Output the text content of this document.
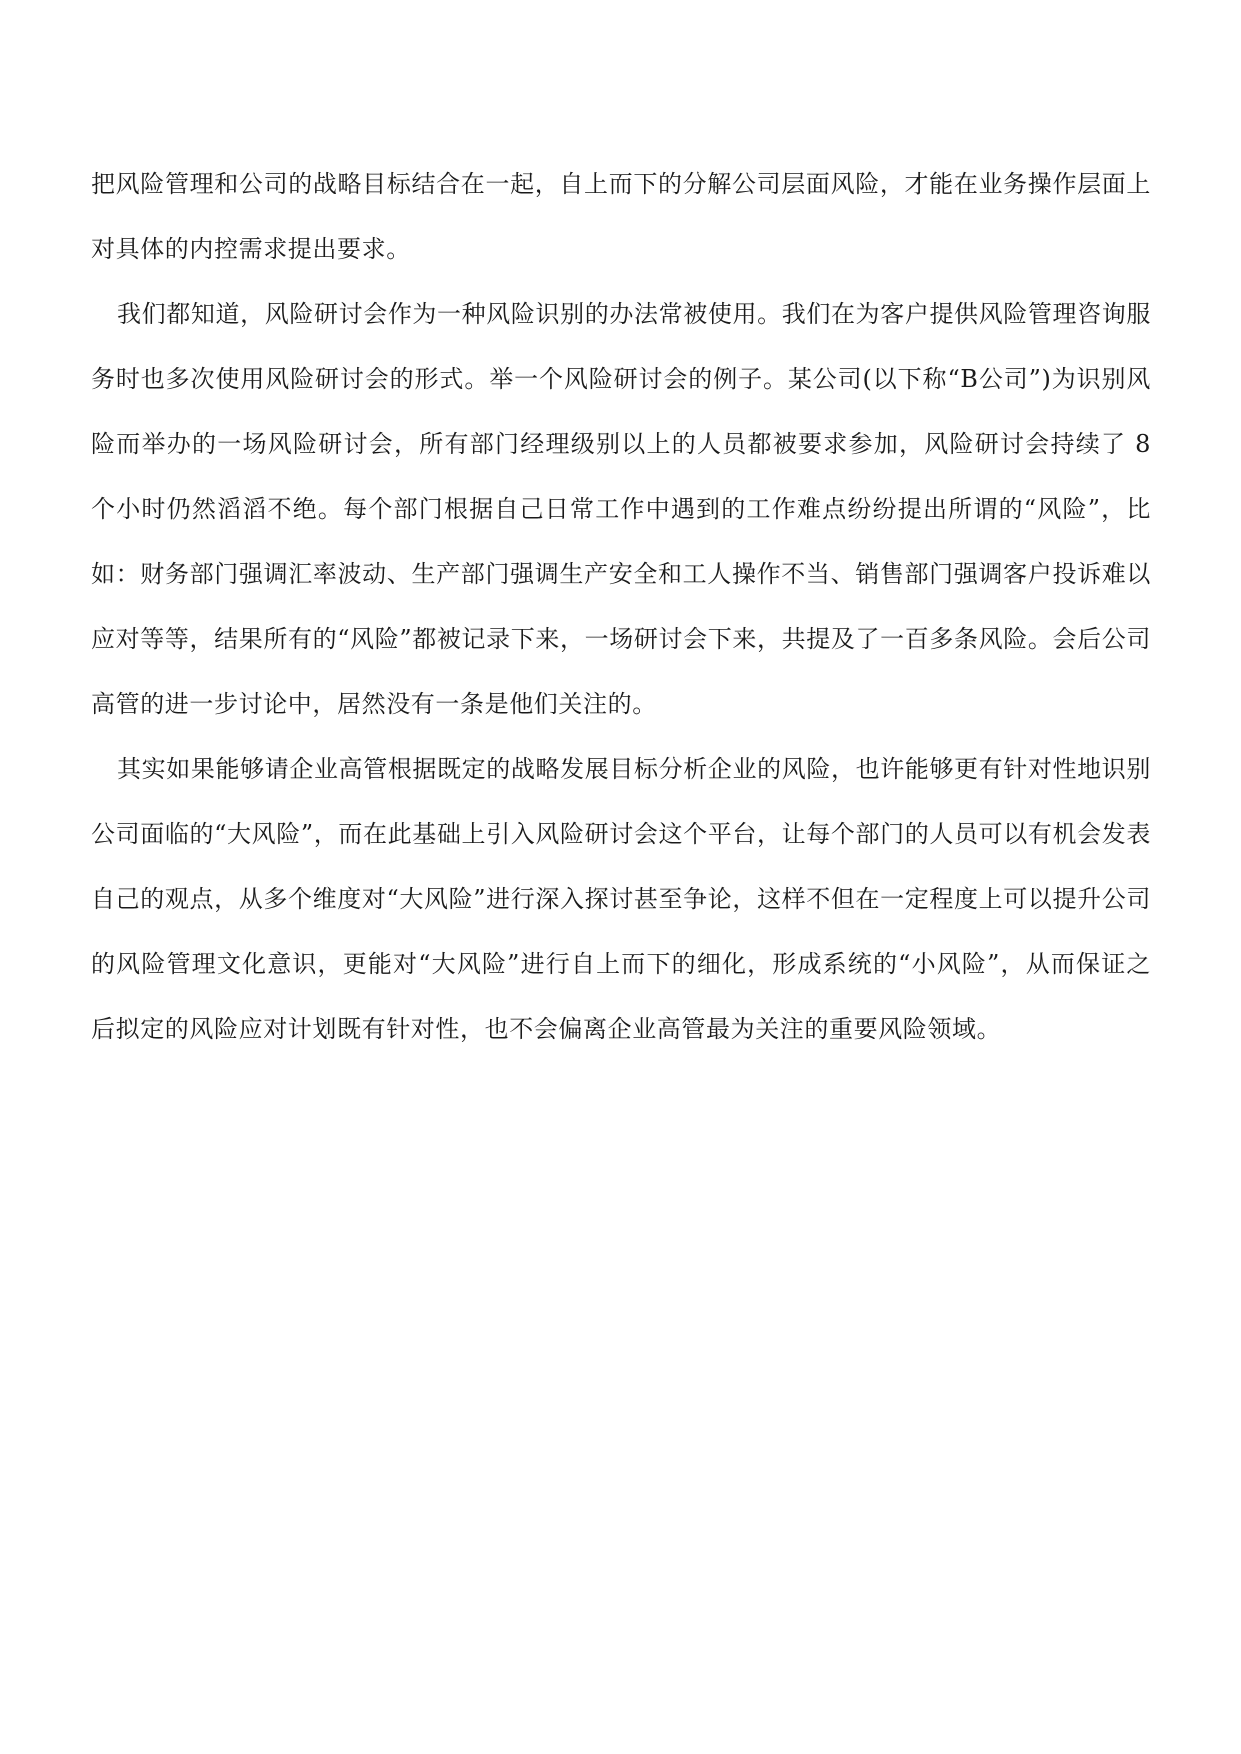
把风险管理和公司的战略目标结合在一起，自上而下的分解公司层面风险，才能在业务操作层面上对具体的内控需求提出要求。

我们都知道，风险研讨会作为一种风险识别的办法常被使用。我们在为客户提供风险管理咨询服务时也多次使用风险研讨会的形式。举一个风险研讨会的例子。某公司(以下称“B公司”)为识别风险而举办的一场风险研讨会，所有部门经理级别以上的人员都被要求参加，风险研讨会持续了 8 个小时仍然滔滔不绝。每个部门根据自己日常工作中遇到的工作难点纷纷提出所谓的“风险”，比如：财务部门强调汇率波动、生产部门强调生产安全和工人操作不当、销售部门强调客户投诉难以应对等等，结果所有的“风险”都被记录下来，一场研讨会下来，共提及了一百多条风险。会后公司高管的进一步讨论中，居然没有一条是他们关注的。

其实如果能够请企业高管根据既定的战略发展目标分析企业的风险，也许能够更有针对性地识别公司面临的“大风险”，而在此基础上引入风险研讨会这个平台，让每个部门的人员可以有机会发表自己的观点，从多个维度对“大风险”进行深入探讨甚至争论，这样不但在一定程度上可以提升公司的风险管理文化意识，更能对“大风险”进行自上而下的细化，形成系统的“小风险”，从而保证之后拟定的风险应对计划既有针对性，也不会偏离企业高管最为关注的重要风险领域。
